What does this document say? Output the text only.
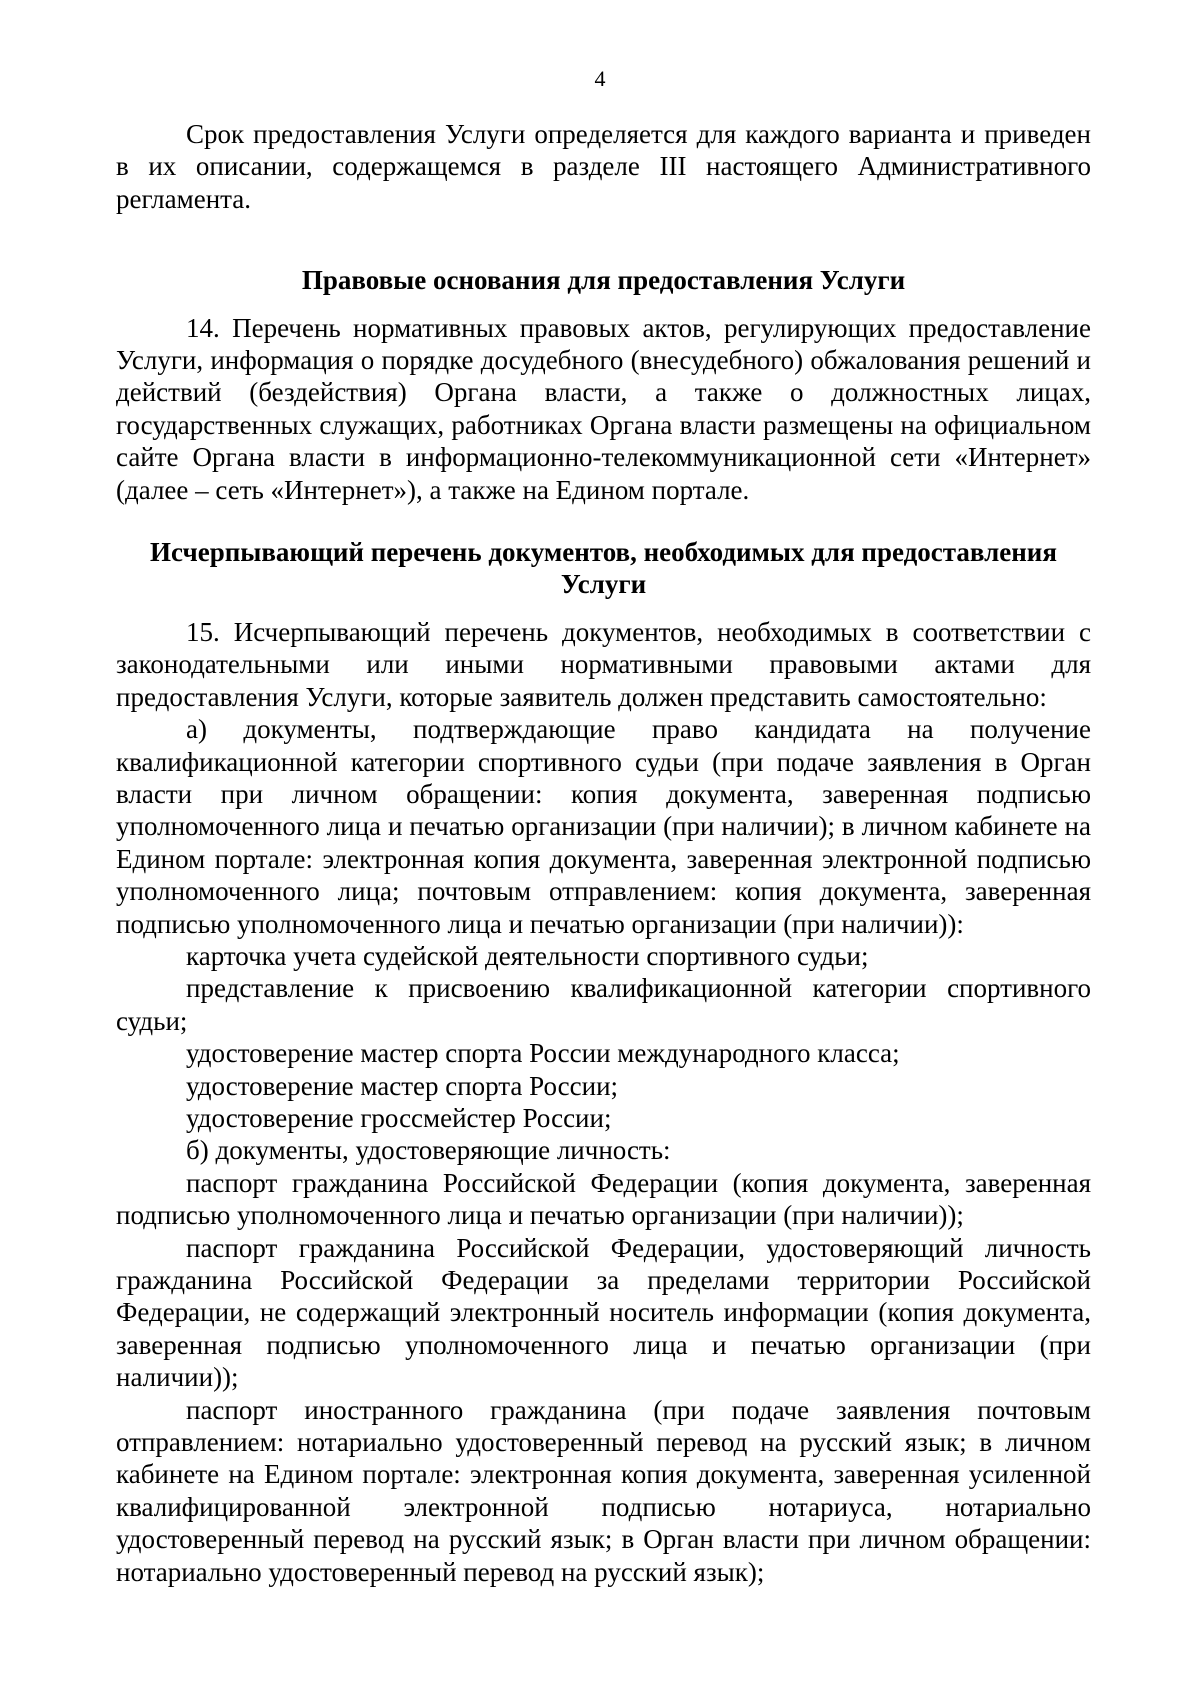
4

Срок предоставления Услуги определяется для каждого варианта и приведен в их описании, содержащемся в разделе III настоящего Административного регламента.

Правовые основания для предоставления Услуги

14. Перечень нормативных правовых актов, регулирующих предоставление Услуги, информация о порядке досудебного (внесудебного) обжалования решений и действий (бездействия) Органа власти, а также о должностных лицах, государственных служащих, работниках Органа власти размещены на официальном сайте Органа власти в информационно-телекоммуникационной сети «Интернет» (далее – сеть «Интернет»), а также на Едином портале.

Исчерпывающий перечень документов, необходимых для предоставления Услуги

15. Исчерпывающий перечень документов, необходимых в соответствии с законодательными или иными нормативными правовыми актами для предоставления Услуги, которые заявитель должен представить самостоятельно:

а) документы, подтверждающие право кандидата на получение квалификационной категории спортивного судьи (при подаче заявления в Орган власти при личном обращении: копия документа, заверенная подписью уполномоченного лица и печатью организации (при наличии); в личном кабинете на Едином портале: электронная копия документа, заверенная электронной подписью уполномоченного лица; почтовым отправлением: копия документа, заверенная подписью уполномоченного лица и печатью организации (при наличии)):

карточка учета судейской деятельности спортивного судьи;

представление к присвоению квалификационной категории спортивного судьи;

удостоверение мастер спорта России международного класса;

удостоверение мастер спорта России;

удостоверение гроссмейстер России;

б) документы, удостоверяющие личность:

паспорт гражданина Российской Федерации (копия документа, заверенная подписью уполномоченного лица и печатью организации (при наличии));

паспорт гражданина Российской Федерации, удостоверяющий личность гражданина Российской Федерации за пределами территории Российской Федерации, не содержащий электронный носитель информации (копия документа, заверенная подписью уполномоченного лица и печатью организации (при наличии));

паспорт иностранного гражданина (при подаче заявления почтовым отправлением: нотариально удостоверенный перевод на русский язык; в личном кабинете на Едином портале: электронная копия документа, заверенная усиленной квалифицированной электронной подписью нотариуса, нотариально удостоверенный перевод на русский язык; в Орган власти при личном обращении: нотариально удостоверенный перевод на русский язык);
